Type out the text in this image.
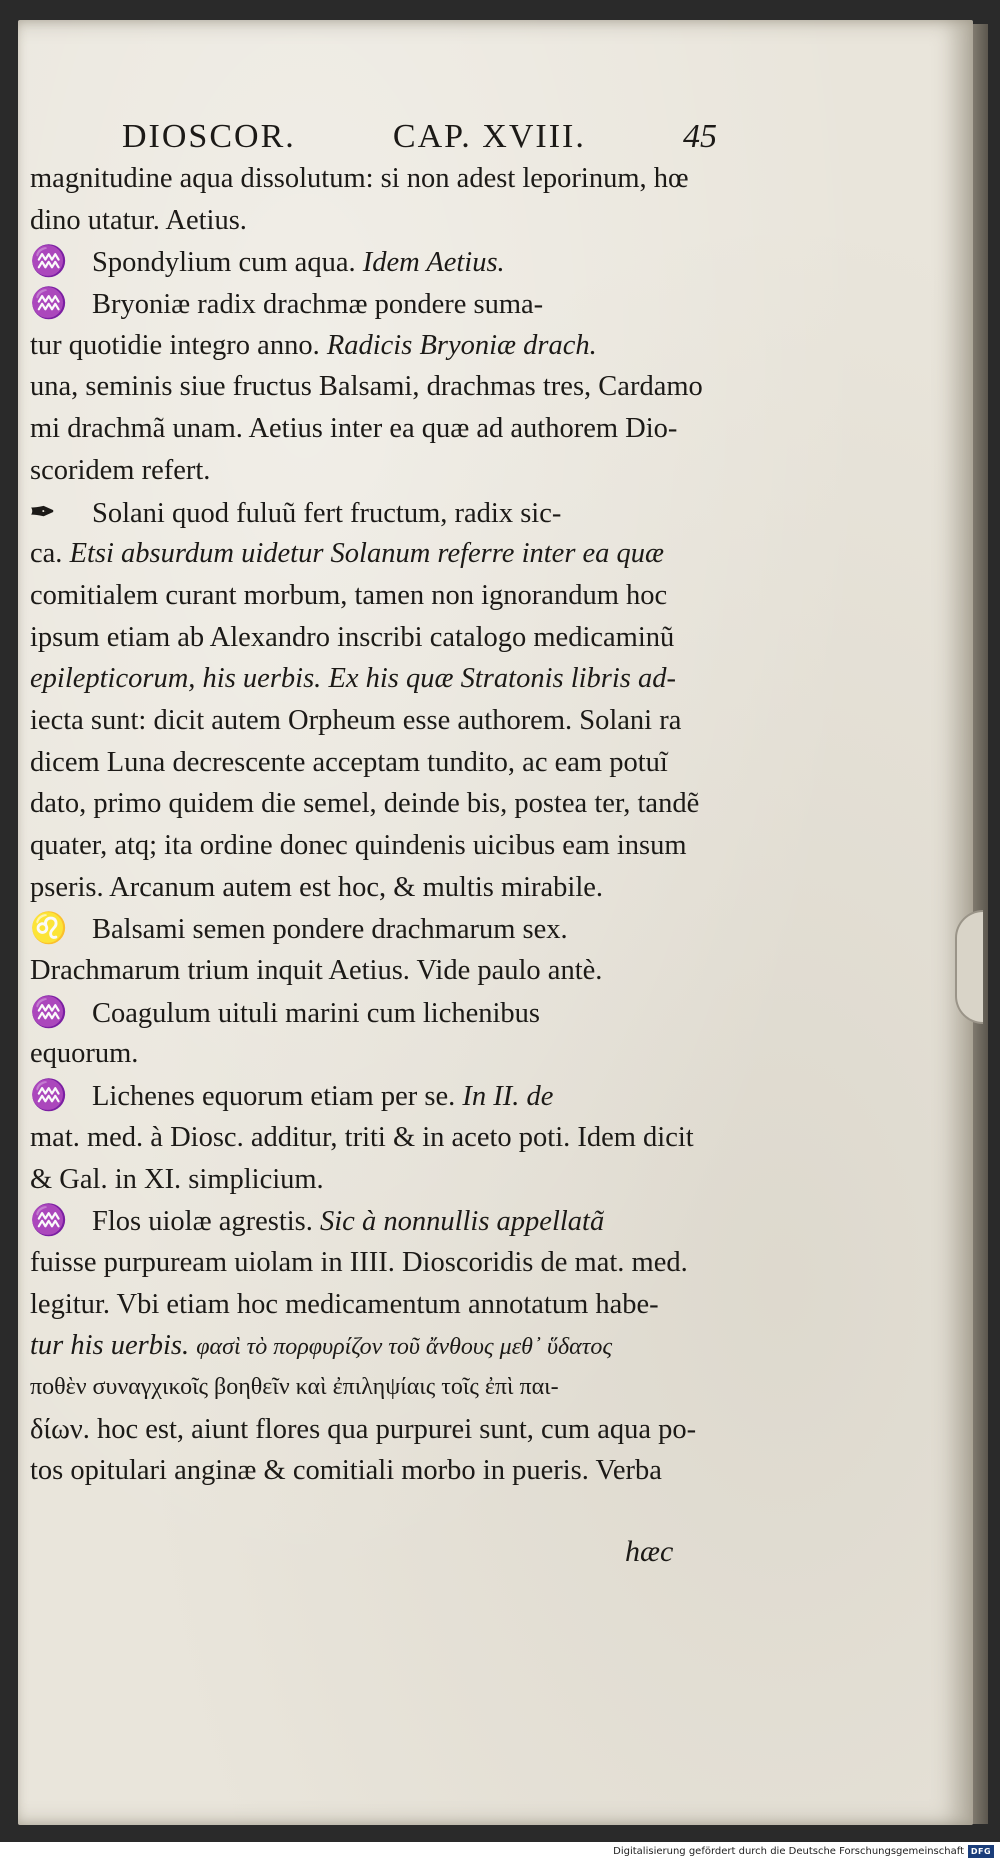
DIOSCOR.	CAP. XVIII.	45
magnitudine aqua dissolutum: si non adest leporinum, hœ
dino utatur. Aetius.
♒ Spondylium cum aqua. Idem Aetius.
♒ Bryoniæ radix drachmæ pondere suma-
tur quotidie integro anno. Radicis Bryoniæ drach.
una, seminis siue fructus Balsami, drachmas tres, Cardamo
mi drachmã unam. Aetius inter ea quæ ad authorem Dio-
scoridem refert.
✒ Solani quod fuluũ fert fructum, radix sic-
ca. Etsi absurdum uidetur Solanum referre inter ea quæ
comitialem curant morbum, tamen non ignorandum hoc
ipsum etiam ab Alexandro inscribi catalogo medicaminũ
epilepticorum, his uerbis. Ex his quæ Stratonis libris ad-
iecta sunt: dicit autem Orpheum esse authorem. Solani ra
dicem Luna decrescente acceptam tundito, ac eam potuĩ
dato, primo quidem die semel, deinde bis, postea ter, tandẽ
quater, atq; ita ordine donec quindenis uicibus eam insum
pseris. Arcanum autem est hoc, & multis mirabile.
♌ Balsami semen pondere drachmarum sex.
Drachmarum trium inquit Aetius. Vide paulo antè.
♒ Coagulum uituli marini cum lichenibus
equorum.
♒ Lichenes equorum etiam per se. In II. de
mat. med. à Diosc. additur, triti & in aceto poti. Idem dicit
& Gal. in XI. simplicium.
♒ Flos uiolæ agrestis. Sic à nonnullis appellatã
fuisse purpuream uiolam in IIII. Dioscoridis de mat. med.
legitur. Vbi etiam hoc medicamentum annotatum habe-
tur his uerbis. φασὶ τὸ πορφυρίζον τοῦ ἄνθους μεθ᾽ ὕδατος
ποθὲν συναγχικοῖς βοηθεῖν καὶ ἐπιληψίαις τοῖς ἐπὶ παι-
δίων. hoc est, aiunt flores qua purpurei sunt, cum aqua po-
tos opitulari anginæ & comitiali morbo in pueris. Verba
hæc
Digitalisierung gefördert durch die Deutsche Forschungsgemeinschaft DFG
